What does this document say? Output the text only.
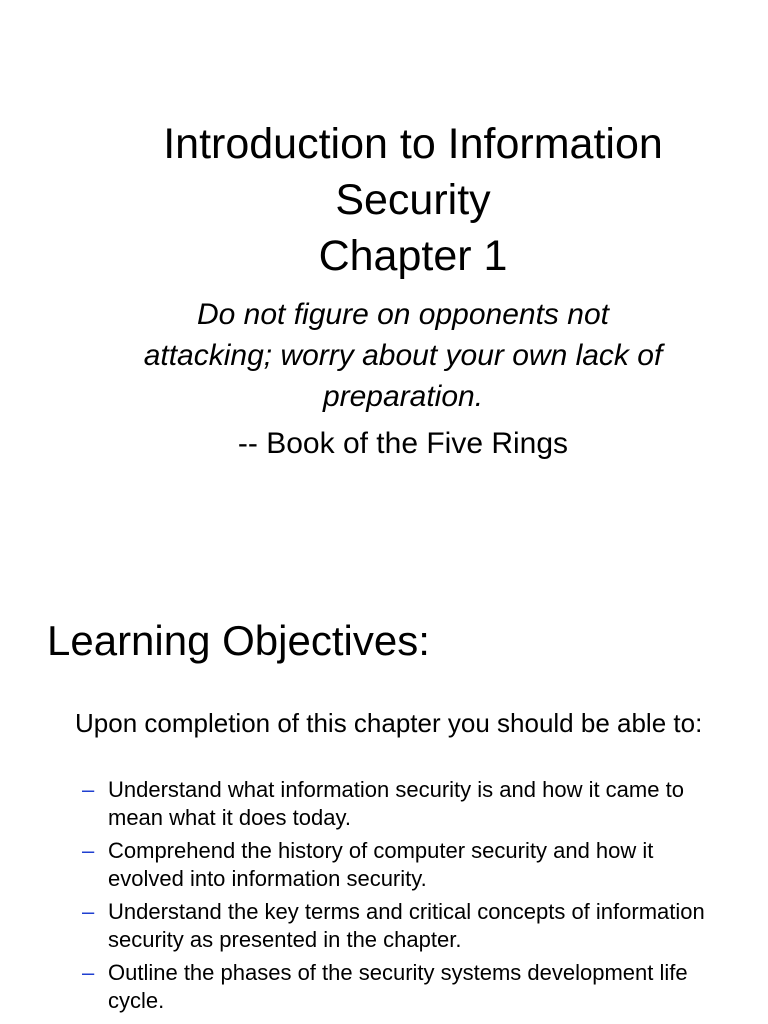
Introduction to Information
Security
Chapter 1
Do not figure on opponents not attacking; worry about your own lack of preparation.
-- Book of the Five Rings
Learning Objectives:
Upon completion of this chapter you should be able to:
– Understand what information security is and how it came to mean what it does today.
– Comprehend the history of computer security and how it evolved into information security.
– Understand the key terms and critical concepts of information security as presented in the chapter.
– Outline the phases of the security systems development life cycle.
